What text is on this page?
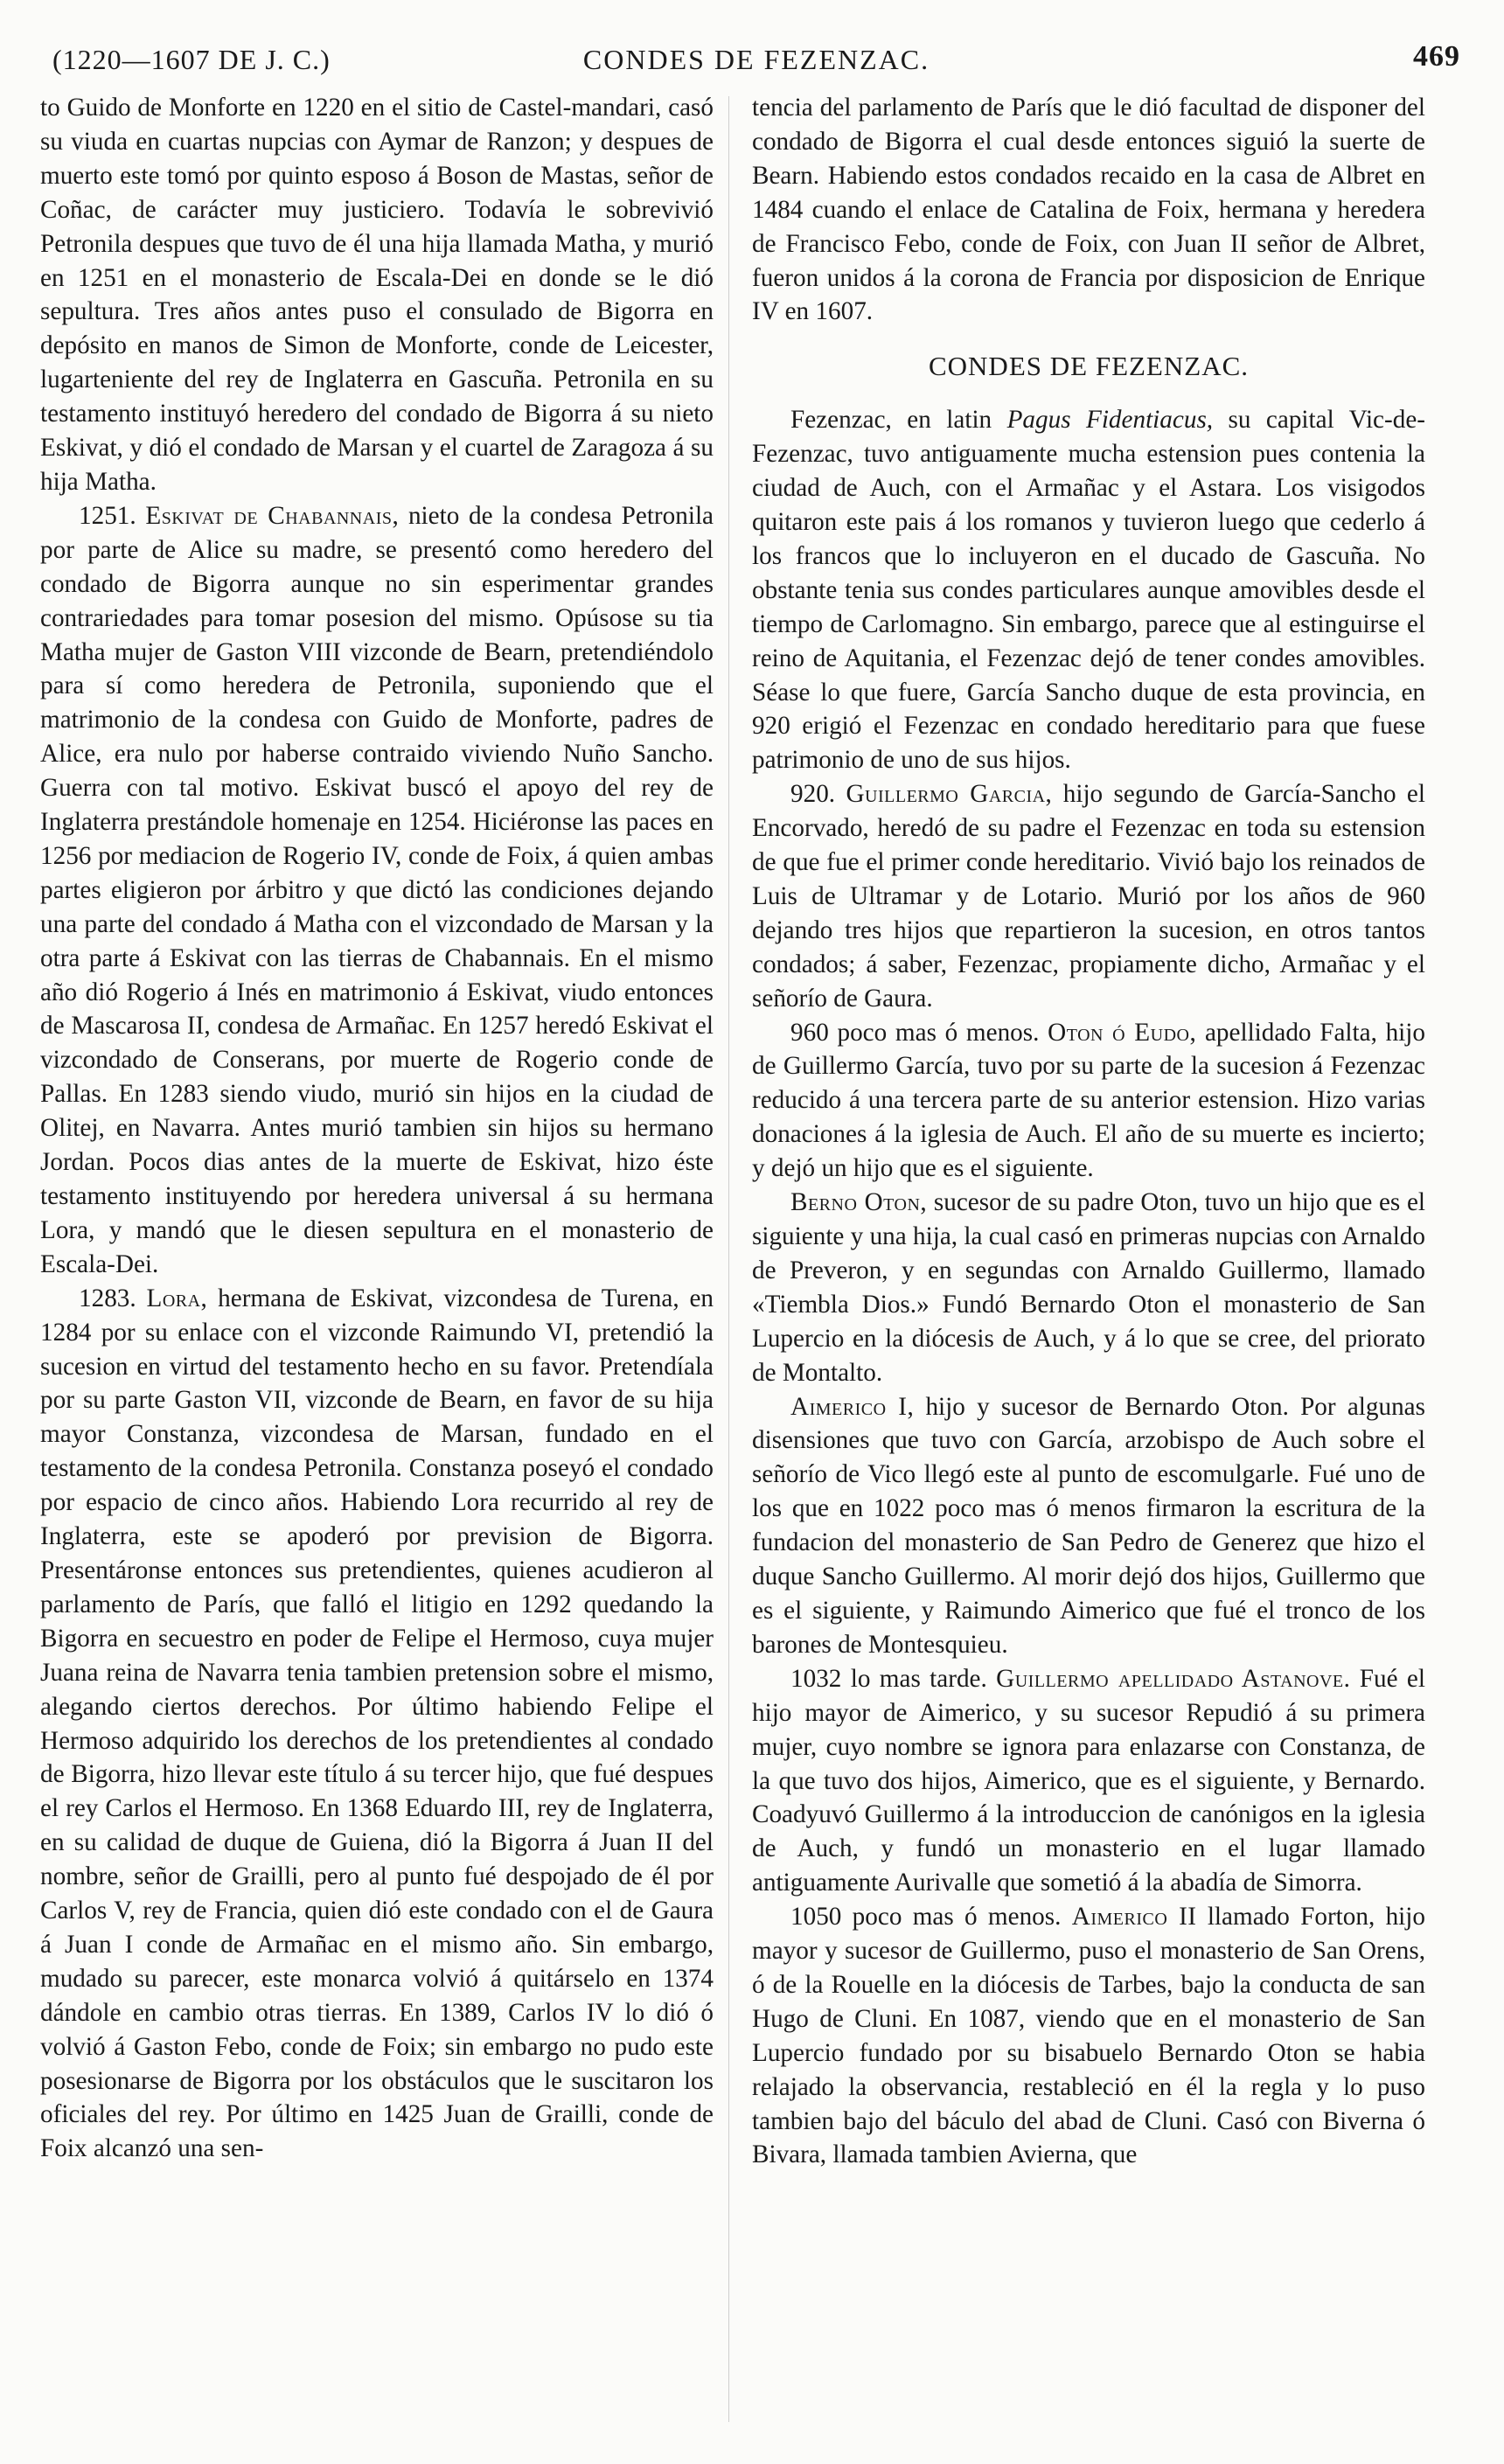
(1220—1607 DE J. C.)	CONDES DE FEZENZAC.	469

to Guido de Monforte en 1220 en el sitio de Castel-mandari, casó su viuda en cuartas nupcias con Aymar de Ranzon; y despues de muerto este tomó por quinto esposo á Boson de Mastas, señor de Coñac, de carácter muy justiciero. Todavía le sobrevivió Petronila despues que tuvo de él una hija llamada Matha, y murió en 1251 en el monasterio de Escala-Dei en donde se le dió sepultura. Tres años antes puso el consulado de Bigorra en depósito en manos de Simon de Monforte, conde de Leicester, lugarteniente del rey de Inglaterra en Gascuña. Petronila en su testamento instituyó heredero del condado de Bigorra á su nieto Eskivat, y dió el condado de Marsan y el cuartel de Zaragoza á su hija Matha.

1251. Eskivat de Chabannais, nieto de la condesa Petronila por parte de Alice su madre, se presentó como heredero del condado de Bigorra aunque no sin esperimentar grandes contrariedades para tomar posesion del mismo. Opúsose su tia Matha mujer de Gaston VIII vizconde de Bearn, pretendiéndolo para sí como heredera de Petronila, suponiendo que el matrimonio de la condesa con Guido de Monforte, padres de Alice, era nulo por haberse contraido viviendo Nuño Sancho. Guerra con tal motivo. Eskivat buscó el apoyo del rey de Inglaterra prestándole homenaje en 1254. Hiciéronse las paces en 1256 por mediacion de Rogerio IV, conde de Foix, á quien ambas partes eligieron por árbitro y que dictó las condiciones dejando una parte del condado á Matha con el vizcondado de Marsan y la otra parte á Eskivat con las tierras de Chabannais. En el mismo año dió Rogerio á Inés en matrimonio á Eskivat, viudo entonces de Mascarosa II, condesa de Armañac. En 1257 heredó Eskivat el vizcondado de Conserans, por muerte de Rogerio conde de Pallas. En 1283 siendo viudo, murió sin hijos en la ciudad de Olitej, en Navarra. Antes murió tambien sin hijos su hermano Jordan. Pocos dias antes de la muerte de Eskivat, hizo éste testamento instituyendo por heredera universal á su hermana Lora, y mandó que le diesen sepultura en el monasterio de Escala-Dei.

1283. Lora, hermana de Eskivat, vizcondesa de Turena, en 1284 por su enlace con el vizconde Raimundo VI, pretendió la sucesion en virtud del testamento hecho en su favor. Pretendíala por su parte Gaston VII, vizconde de Bearn, en favor de su hija mayor Constanza, vizcondesa de Marsan, fundado en el testamento de la condesa Petronila. Constanza poseyó el condado por espacio de cinco años. Habiendo Lora recurrido al rey de Inglaterra, este se apoderó por prevision de Bigorra. Presentáronse entonces sus pretendientes, quienes acudieron al parlamento de París, que falló el litigio en 1292 quedando la Bigorra en secuestro en poder de Felipe el Hermoso, cuya mujer Juana reina de Navarra tenia tambien pretension sobre el mismo, alegando ciertos derechos. Por último habiendo Felipe el Hermoso adquirido los derechos de los pretendientes al condado de Bigorra, hizo llevar este título á su tercer hijo, que fué despues el rey Carlos el Hermoso. En 1368 Eduardo III, rey de Inglaterra, en su calidad de duque de Guiena, dió la Bigorra á Juan II del nombre, señor de Grailli, pero al punto fué despojado de él por Carlos V, rey de Francia, quien dió este condado con el de Gaura á Juan I conde de Armañac en el mismo año. Sin embargo, mudado su parecer, este monarca volvió á quitárselo en 1374 dándole en cambio otras tierras. En 1389, Carlos IV lo dió ó volvió á Gaston Febo, conde de Foix; sin embargo no pudo este posesionarse de Bigorra por los obstáculos que le suscitaron los oficiales del rey. Por último en 1425 Juan de Grailli, conde de Foix alcanzó una sen-

tencia del parlamento de París que le dió facultad de disponer del condado de Bigorra el cual desde entonces siguió la suerte de Bearn. Habiendo estos condados recaido en la casa de Albret en 1484 cuando el enlace de Catalina de Foix, hermana y heredera de Francisco Febo, conde de Foix, con Juan II señor de Albret, fueron unidos á la corona de Francia por disposicion de Enrique IV en 1607.

CONDES DE FEZENZAC.

Fezenzac, en latin Pagus Fidentiacus, su capital Vic-de-Fezenzac, tuvo antiguamente mucha estension pues contenia la ciudad de Auch, con el Armañac y el Astara. Los visigodos quitaron este pais á los romanos y tuvieron luego que cederlo á los francos que lo incluyeron en el ducado de Gascuña. No obstante tenia sus condes particulares aunque amovibles desde el tiempo de Carlomagno. Sin embargo, parece que al estinguirse el reino de Aquitania, el Fezenzac dejó de tener condes amovibles. Séase lo que fuere, García Sancho duque de esta provincia, en 920 erigió el Fezenzac en condado hereditario para que fuese patrimonio de uno de sus hijos.

920. Guillermo Garcia, hijo segundo de García-Sancho el Encorvado, heredó de su padre el Fezenzac en toda su estension de que fue el primer conde hereditario. Vivió bajo los reinados de Luis de Ultramar y de Lotario. Murió por los años de 960 dejando tres hijos que repartieron la sucesion, en otros tantos condados; á saber, Fezenzac, propiamente dicho, Armañac y el señorío de Gaura.

960 poco mas ó menos. Oton ó Eudo, apellidado Falta, hijo de Guillermo García, tuvo por su parte de la sucesion á Fezenzac reducido á una tercera parte de su anterior estension. Hizo varias donaciones á la iglesia de Auch. El año de su muerte es incierto; y dejó un hijo que es el siguiente.

Berno Oton, sucesor de su padre Oton, tuvo un hijo que es el siguiente y una hija, la cual casó en primeras nupcias con Arnaldo de Preveron, y en segundas con Arnaldo Guillermo, llamado «Tiembla Dios.» Fundó Bernardo Oton el monasterio de San Lupercio en la diócesis de Auch, y á lo que se cree, del priorato de Montalto.

Aimerico I, hijo y sucesor de Bernardo Oton. Por algunas disensiones que tuvo con García, arzobispo de Auch sobre el señorío de Vico llegó este al punto de escomulgarle. Fué uno de los que en 1022 poco mas ó menos firmaron la escritura de la fundacion del monasterio de San Pedro de Generez que hizo el duque Sancho Guillermo. Al morir dejó dos hijos, Guillermo que es el siguiente, y Raimundo Aimerico que fué el tronco de los barones de Montesquieu.

1032 lo mas tarde. Guillermo apellidado Astanove. Fué el hijo mayor de Aimerico, y su sucesor Repudió á su primera mujer, cuyo nombre se ignora para enlazarse con Constanza, de la que tuvo dos hijos, Aimerico, que es el siguiente, y Bernardo. Coadyuvó Guillermo á la introduccion de canónigos en la iglesia de Auch, y fundó un monasterio en el lugar llamado antiguamente Aurivalle que sometió á la abadía de Simorra.

1050 poco mas ó menos. Aimerico II llamado Forton, hijo mayor y sucesor de Guillermo, puso el monasterio de San Orens, ó de la Rouelle en la diócesis de Tarbes, bajo la conducta de san Hugo de Cluni. En 1087, viendo que en el monasterio de San Lupercio fundado por su bisabuelo Bernardo Oton se habia relajado la observancia, restableció en él la regla y lo puso tambien bajo del báculo del abad de Cluni. Casó con Biverna ó Bivara, llamada tambien Avierna, que
